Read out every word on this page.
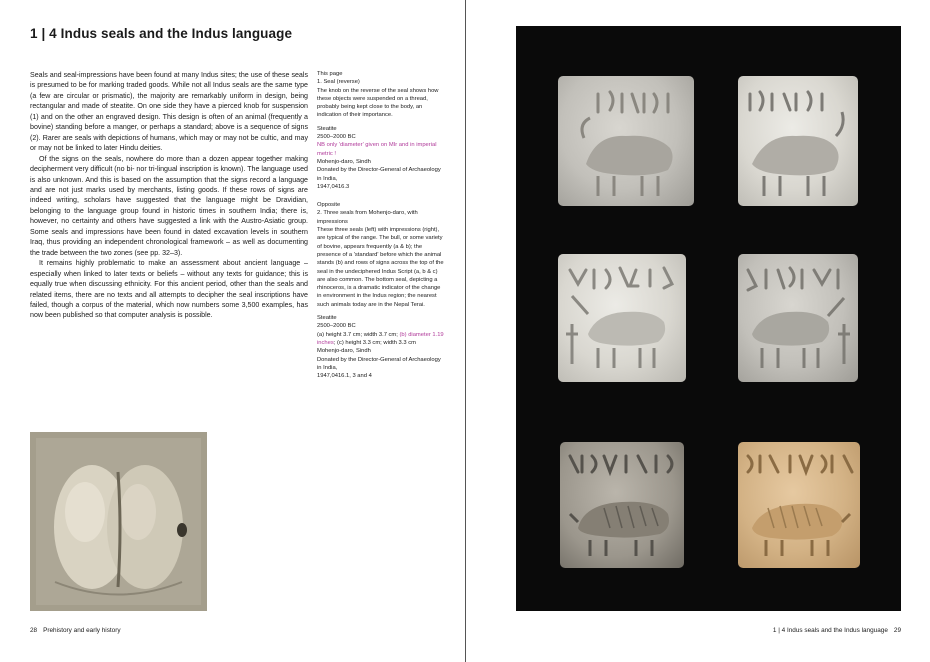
1 | 4 Indus seals and the Indus language

Seals and seal-impressions have been found at many Indus sites; the use of these seals is presumed to be for marking traded goods. While not all Indus seals are the same type (a few are circular or prismatic), the majority are remarkably uniform in design, being rectangular and made of steatite. On one side they have a pierced knob for suspension (1) and on the other an engraved design. This design is often of an animal (frequently a bovine) standing before a manger, or perhaps a standard; above is a sequence of signs (2). Rarer are seals with depictions of humans, which may or may not be cultic, and may or may not be linked to later Hindu deities.

Of the signs on the seals, nowhere do more than a dozen appear together making decipherment very difficult (no bi- nor tri-lingual inscription is known). The language used is also unknown. And this is based on the assumption that the signs record a language and are not just marks used by merchants, listing goods. If these rows of signs are indeed writing, scholars have suggested that the language might be Dravidian, belonging to the language group found in historic times in southern India; there is, however, no certainty and others have suggested a link with the Austro-Asiatic group. Some seals and impressions have been found in dated excavation levels in southern Iraq, thus providing an independent chronological framework – as well as documenting the trade between the two zones (see pp. 32–3).

It remains highly problematic to make an assessment about ancient language – especially when linked to later texts or beliefs – without any texts for guidance; this is equally true when discussing ethnicity. For this ancient period, other than the seals and related items, there are no texts and all attempts to decipher the seal inscriptions have failed, though a corpus of the material, which now numbers some 3,500 examples, has now been published so that computer analysis is possible.

This page

1. Seal (reverse)

The knob on the reverse of the seal shows how these objects were suspended on a thread, probably being kept close to the body, an indication of their importance.

Steatite

2500–2000 BC

NB only 'diameter' given on MIr and in imperial metric !

Mohenjo-daro, Sindh

Donated by the Director-General of Archaeology in India,

1947,0416.3

Opposite

2. Three seals from Mohenjo-daro, with impressions

These three seals (left) with impressions (right), are typical of the range. The bull, or some variety of bovine, appears frequently (a & b); the presence of a 'standard' before which the animal stands (b) and rows of signs across the top of the seal in the undeciphered Indus Script (a, b & c) are also common. The bottom seal, depicting a rhinoceros, is a dramatic indicator of the change in environment in the Indus region; the nearest such animals today are in the Nepal Terai.

Steatite

2500–2000 BC

(a) height 3.7 cm; width 3.7 cm; (b) diameter 1.19 inches; (c) height 3.3 cm; width 3.3 cm

Mohenjo-daro, Sindh

Donated by the Director-General of Archaeology in India,

1947,0416.1, 3 and 4

28 Prehistory and early history	1 | 4 Indus seals and the Indus language 29
